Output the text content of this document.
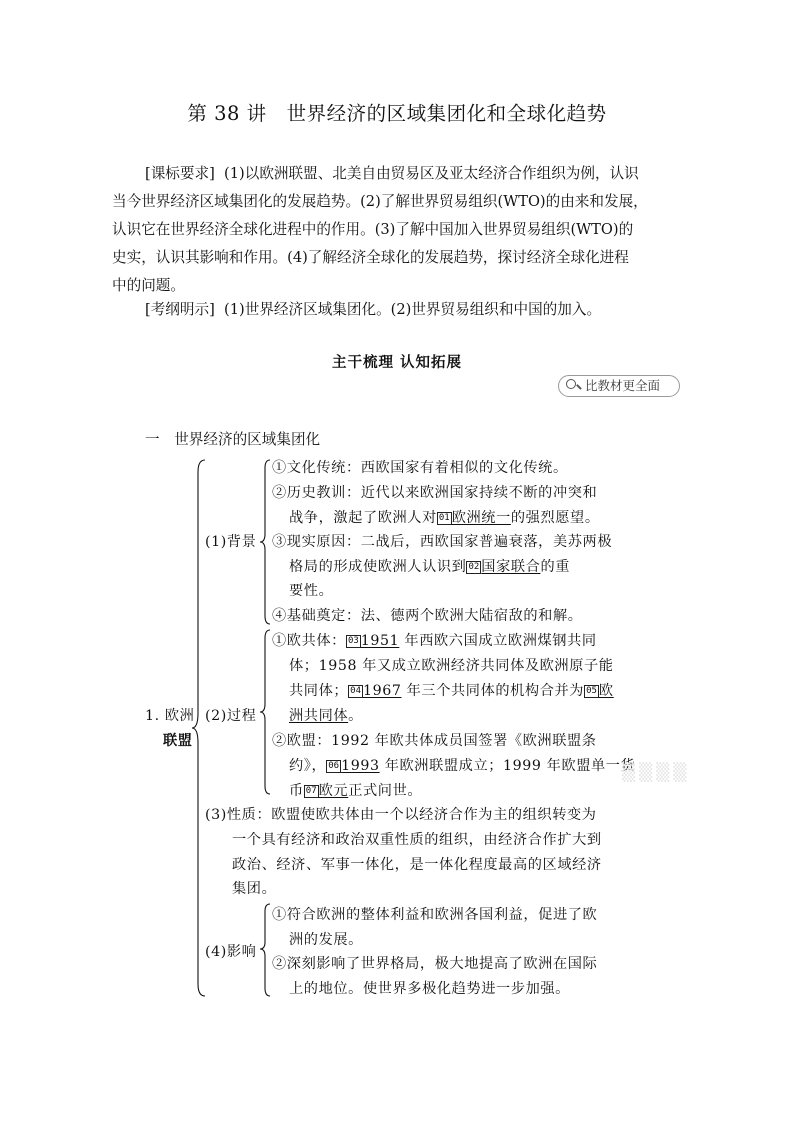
第 38 讲　世界经济的区域集团化和全球化趋势
[课标要求] (1)以欧洲联盟、北美自由贸易区及亚太经济合作组织为例，认识
当今世界经济区域集团化的发展趋势。(2)了解世界贸易组织(WTO)的由来和发展，
认识它在世界经济全球化进程中的作用。(3)了解中国加入世界贸易组织(WTO)的
史实，认识其影响和作用。(4)了解经济全球化的发展趋势，探讨经济全球化进程
中的问题。
[考纲明示] (1)世界经济区域集团化。(2)世界贸易组织和中国的加入。
主干梳理 认知拓展
比教材更全面
一　世界经济的区域集团化
1. 欧洲
联盟
(1)背景
①文化传统：西欧国家有着相似的文化传统。
②历史教训：近代以来欧洲国家持续不断的冲突和
战争，激起了欧洲人对 01 欧洲统一的强烈愿望。
③现实原因：二战后，西欧国家普遍衰落，美苏两极
格局的形成使欧洲人认识到 02 国家联合的重
要性。
④基础奠定：法、德两个欧洲大陆宿敌的和解。
(2)过程
①欧共体： 03 1951 年西欧六国成立欧洲煤钢共同
体；1958 年又成立欧洲经济共同体及欧洲原子能
共同体； 04 1967 年三个共同体的机构合并为 05 欧
洲共同体。
②欧盟：1992 年欧共体成员国签署《欧洲联盟条
约》， 06 1993 年欧洲联盟成立；1999 年欧盟单一货
币 07 欧元正式问世。
(3)性质：欧盟使欧共体由一个以经济合作为主的组织转变为
一个具有经济和政治双重性质的组织，由经济合作扩大到
政治、经济、军事一体化，是一体化程度最高的区域经济
集团。
(4)影响
①符合欧洲的整体利益和欧洲各国利益，促进了欧
洲的发展。
②深刻影响了世界格局，极大地提高了欧洲在国际
上的地位。使世界多极化趋势进一步加强。
▒▒▒▒
